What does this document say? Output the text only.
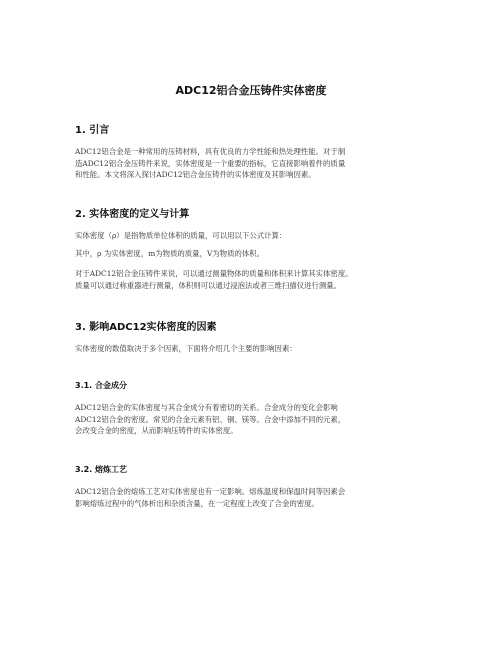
ADC12铝合金压铸件实体密度
1. 引言

ADC12铝合金是一种常用的压铸材料，具有优良的力学性能和热处理性能。对于制
造ADC12铝合金压铸件来说，实体密度是一个重要的指标，它直接影响着件的质量
和性能。本文将深入探讨ADC12铝合金压铸件的实体密度及其影响因素。

2. 实体密度的定义与计算

实体密度（ρ）是指物质单位体积的质量，可以用以下公式计算：

其中，ρ 为实体密度，m为物质的质量，V为物质的体积。

对于ADC12铝合金压铸件来说，可以通过测量物体的质量和体积来计算其实体密度。
质量可以通过称重器进行测量，体积则可以通过浸泡法或者三维扫描仪进行测量。

3. 影响ADC12实体密度的因素

实体密度的数值取决于多个因素，下面将介绍几个主要的影响因素：

3.1. 合金成分

ADC12铝合金的实体密度与其合金成分有着密切的关系。合金成分的变化会影响
ADC12铝合金的密度。常见的合金元素有铝、铜、镁等。合金中添加不同的元素，
会改变合金的密度，从而影响压铸件的实体密度。

3.2. 熔炼工艺

ADC12铝合金的熔炼工艺对实体密度也有一定影响。熔炼温度和保温时间等因素会
影响熔炼过程中的气体析出和杂质含量，在一定程度上改变了合金的密度。
